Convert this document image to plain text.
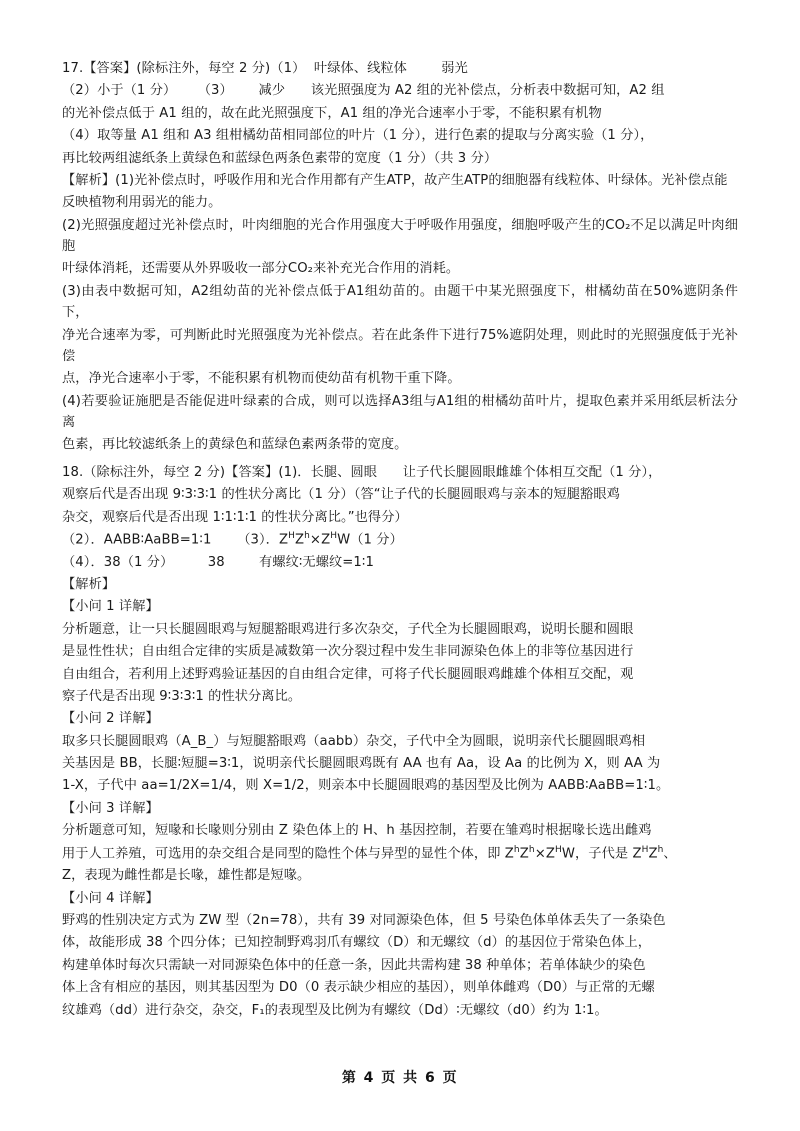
17.【答案】(除标注外，每空 2 分)（1）  叶绿体、线粒体        弱光

（2）小于（1 分）     （3）      减少      该光照强度为 A2 组的光补偿点，分析表中数据可知，A2 组

的光补偿点低于 A1 组的，故在此光照强度下，A1 组的净光合速率小于零，不能积累有机物

（4）取等量 A1 组和 A3 组柑橘幼苗相同部位的叶片（1 分），进行色素的提取与分离实验（1 分），

再比较两组滤纸条上黄绿色和蓝绿色两条色素带的宽度（1 分）（共 3 分）

【解析】(1)光补偿点时，呼吸作用和光合作用都有产生ATP，故产生ATP的细胞器有线粒体、叶绿体。光补偿点能

反映植物利用弱光的能力。

(2)光照强度超过光补偿点时，叶肉细胞的光合作用强度大于呼吸作用强度，细胞呼吸产生的CO₂不足以满足叶肉细胞

叶绿体消耗，还需要从外界吸收一部分CO₂来补充光合作用的消耗。

(3)由表中数据可知，A2组幼苗的光补偿点低于A1组幼苗的。由题干中某光照强度下，柑橘幼苗在50%遮阴条件下，

净光合速率为零，可判断此时光照强度为光补偿点。若在此条件下进行75%遮阴处理，则此时的光照强度低于光补偿

点，净光合速率小于零，不能积累有机物而使幼苗有机物干重下降。

(4)若要验证施肥是否能促进叶绿素的合成，则可以选择A3组与A1组的柑橘幼苗叶片，提取色素并采用纸层析法分离

色素，再比较滤纸条上的黄绿色和蓝绿色素两条带的宽度。

18.（除标注外，每空 2 分)【答案】(1)．长腿、圆眼      让子代长腿圆眼雌雄个体相互交配（1 分），

观察后代是否出现 9∶3∶3∶1 的性状分离比（1 分）（答“让子代的长腿圆眼鸡与亲本的短腿豁眼鸡

杂交，观察后代是否出现 1∶1∶1∶1 的性状分离比。”也得分）

（2）．AABB∶AaBB=1∶1      （3）．$Z^HZ^h\times Z^HW(1$ 分）

（4）．38（1 分）        38        有螺纹∶无螺纹=1∶1

【解析】

【小问 1 详解】

分析题意，让一只长腿圆眼鸡与短腿豁眼鸡进行多次杂交，子代全为长腿圆眼鸡，说明长腿和圆眼

是显性性状；自由组合定律的实质是减数第一次分裂过程中发生非同源染色体上的非等位基因进行

自由组合，若利用上述野鸡验证基因的自由组合定律，可将子代长腿圆眼鸡雌雄个体相互交配，观

察子代是否出现 9∶3∶3∶1 的性状分离比。

【小问 2 详解】

取多只长腿圆眼鸡（A_B_）与短腿豁眼鸡（aabb）杂交，子代中全为圆眼，说明亲代长腿圆眼鸡相

关基因是 BB，长腿∶短腿=3∶1，说明亲代长腿圆眼鸡既有 AA 也有 Aa，设 Aa 的比例为 X，则 AA 为

1-X，子代中 aa=1/2X=1/4，则 X=1/2，则亲本中长腿圆眼鸡的基因型及比例为 AABB∶AaBB=1∶1。

【小问 3 详解】

分析题意可知，短喙和长喙则分别由 Z 染色体上的 H、h 基因控制，若要在雏鸡时根据喙长选出雌鸡

用于人工养殖，可选用的杂交组合是同型的隐性个体与异型的显性个体，即 $Z^hZ^h\times Z^HW$，子代是 $Z^HZ^h$、

Z，表现为雌性都是长喙，雄性都是短喙。

【小问 4 详解】

野鸡的性别决定方式为 ZW 型（2n=78），共有 39 对同源染色体，但 5 号染色体单体丢失了一条染色

体，故能形成 38 个四分体；已知控制野鸡羽爪有螺纹（D）和无螺纹（d）的基因位于常染色体上，

构建单体时每次只需缺一对同源染色体中的任意一条，因此共需构建 38 种单体；若单体缺少的染色

体上含有相应的基因，则其基因型为 D0（0 表示缺少相应的基因），则单体雌鸡（D0）与正常的无螺

纹雄鸡（dd）进行杂交，杂交，F₁的表现型及比例为有螺纹（Dd）∶无螺纹（d0）约为 1∶1。

第 4 页 共 6 页
